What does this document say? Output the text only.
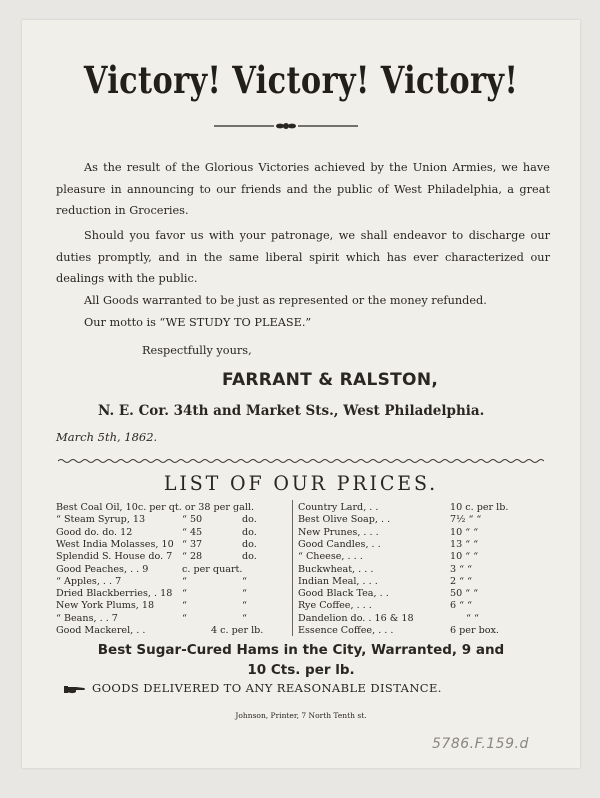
Victory! Victory! Victory!
As the result of the Glorious Victories achieved by the Union Armies, we have pleasure in announcing to our friends and the public of West Philadelphia, a great reduction in Groceries.
Should you favor us with your patronage, we shall endeavor to discharge our duties promptly, and in the same liberal spirit which has ever characterized our dealings with the public.
All Goods warranted to be just as represented or the money refunded.
Our motto is “WE STUDY TO PLEASE.”
Respectfully yours,
FARRANT & RALSTON,
N. E. Cor. 34th and Market Sts., West Philadelphia.
March 5th, 1862.
LIST OF OUR PRICES.
Best Coal Oil, 10c. per qt. or 38 per gall.
“ Steam Syrup, 13	“ 50	do.
Good do. do. 12	“ 45	do.
West India Molasses, 10 “ 37	do.
Splendid S. House do. 7 “ 28	do.
Good Peaches, . . 9	c. per quart.
“ Apples, . . 7	“	“
Dried Blackberries, . 18 “	“
New York Plums, 18	“	“
“ Beans, . . 7	“	“
Good Mackerel, . .	4 c. per lb.
Country Lard, . .	10 c. per lb.
Best Olive Soap, . .	7½ “ “
New Prunes, . . .	10 “ “
Good Candles, . .	13 “ “
“ Cheese, . . .	10 “ “
Buckwheat, . . .	3 “ “
Indian Meal, . . .	2 “ “
Good Black Tea, . .	50 “ “
Rye Coffee, . . .	6 “ “
Dandelion do. . 16 & 18	“ “
Essence Coffee, . . .	6 per box.
Best Sugar-Cured Hams in the City, Warranted, 9 and
10 Cts. per lb.
GOODS DELIVERED TO ANY REASONABLE DISTANCE.
Johnson, Printer, 7 North Tenth st.
5786.F.159.d
